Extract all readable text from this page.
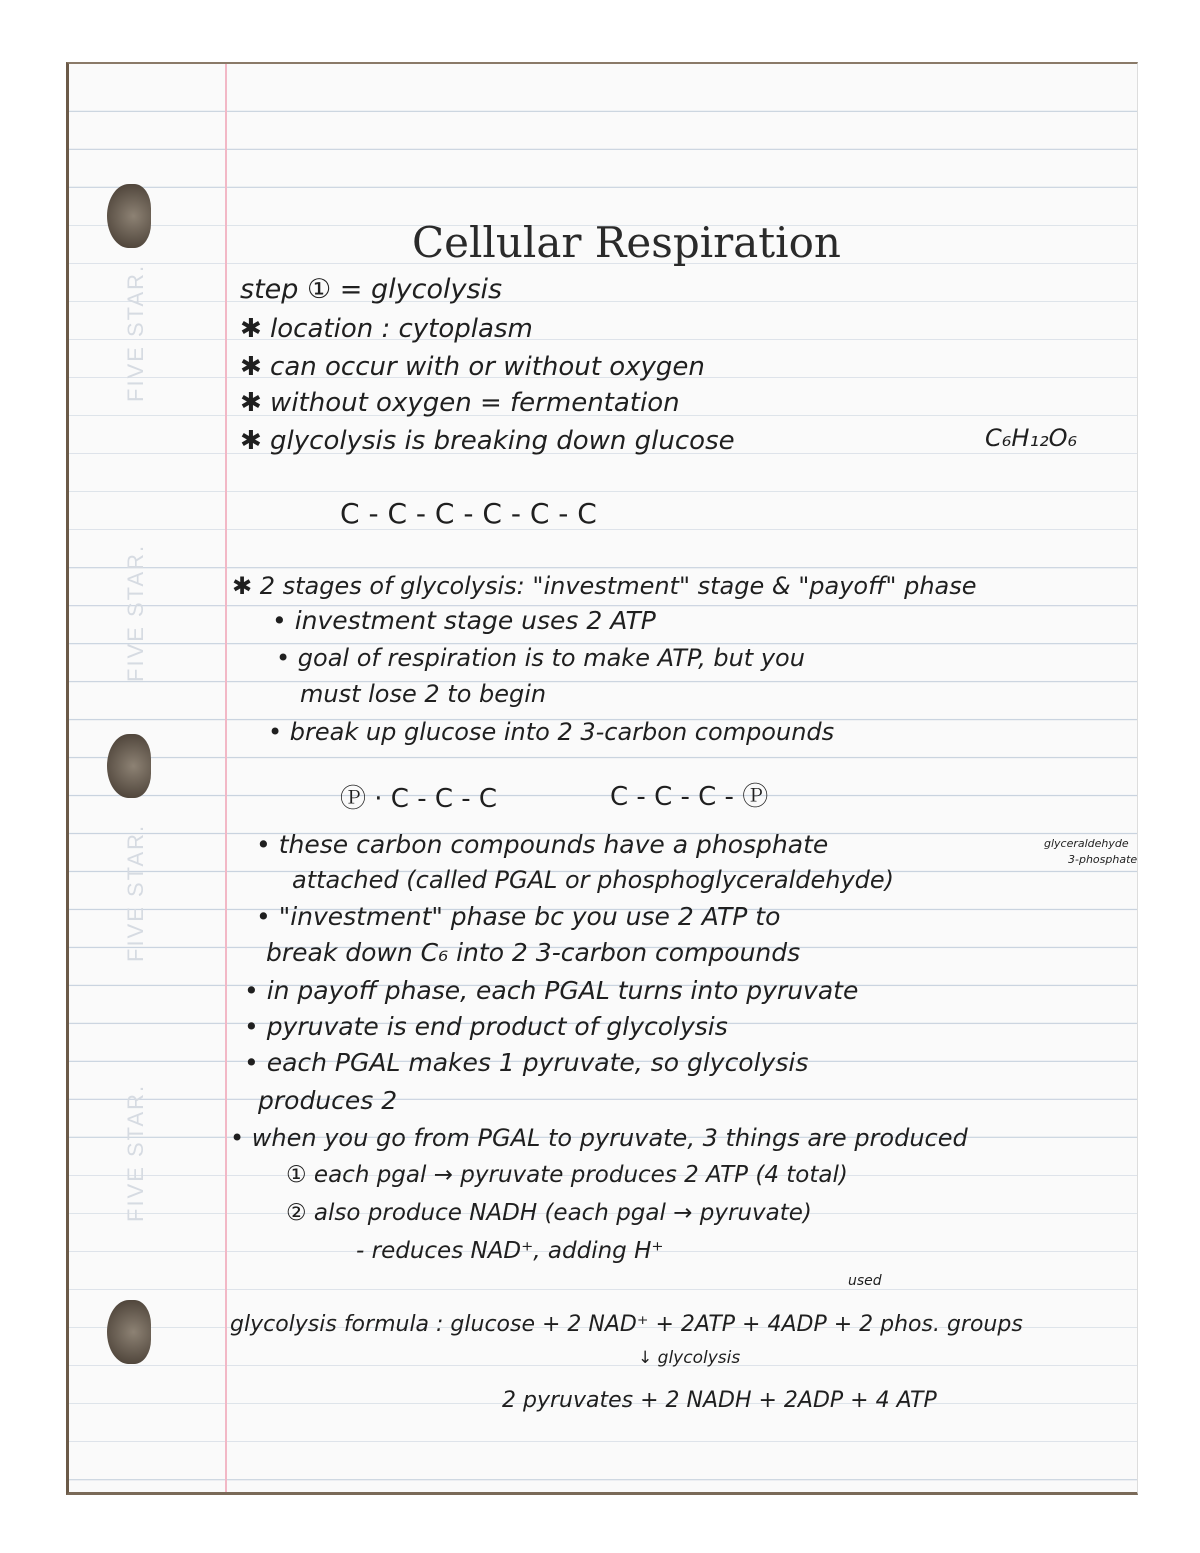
FIVE STAR.
FIVE STAR.
FIVE STAR.
FIVE STAR.
Cellular Respiration
step ① = glycolysis
✱ location : cytoplasm
✱ can occur with or without oxygen
✱ without oxygen = fermentation
✱ glycolysis is breaking down glucose	C₆H₁₂O₆
C - C - C - C - C - C
✱ 2 stages of glycolysis: "investment" stage & "payoff" phase
• investment stage uses 2 ATP
• goal of respiration is to make ATP, but you
must lose 2 to begin
• break up glucose into 2 3-carbon compounds
Ⓟ · C - C - C	C - C - C - Ⓟ
• these carbon compounds have a phosphate
attached (called PGAL or phosphoglyceraldehyde)
glyceraldehyde
3-phosphate
• "investment" phase bc you use 2 ATP to
break down C₆ into 2 3-carbon compounds
• in payoff phase, each PGAL turns into pyruvate
• pyruvate is end product of glycolysis
• each PGAL makes 1 pyruvate, so glycolysis
produces 2
• when you go from PGAL to pyruvate, 3 things are produced
① each pgal → pyruvate produces 2 ATP (4 total)
② also produce NADH (each pgal → pyruvate)
- reduces NAD⁺, adding H⁺
used
glycolysis formula : glucose + 2 NAD⁺ + 2ATP + 4ADP + 2 phos. groups
↓ glycolysis
2 pyruvates + 2 NADH + 2ADP + 4 ATP
